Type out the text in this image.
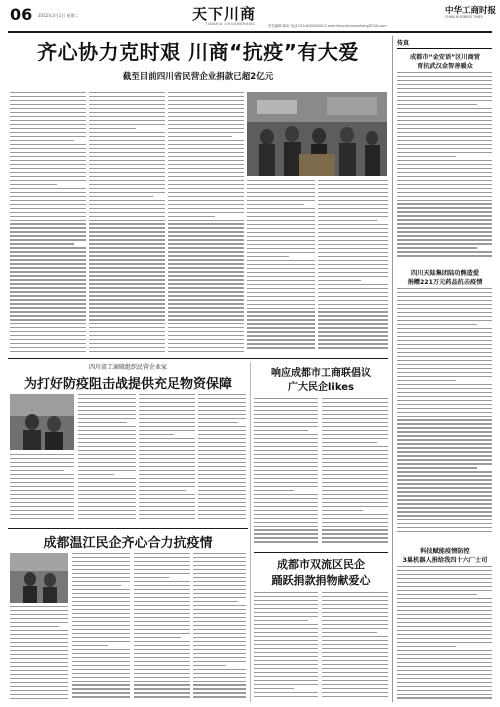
06 2022年3月1日 星期二	天下川商
TIANXIA CHUANSHANG
中华工商时报
CHINA BUSINESS TIMES
责任编辑:陈雨 电话:010-80000000 E-mail:tianxiachuanshang@126.com
齐心协力克时艰 川商“抗疫”有大爱
截至目前四川省民营企业捐款已超2亿元
四川省工商联组织民营企业家
为打好防疫阻击战提供充足物资保障
响应成都市工商联倡议
广大民企likes
成都温江民企齐心合力抗疫情
成都市双流区民企
踊跃捐款捐物献爱心
传真
成都市“金安语”区川商营
育抗武汉金智善暖众
四川天陆集团陆功熊造爱
捐赠221万元药品抗击疫情
科技赋能疫情防控
3巢机器人捐给我四十六厂士司
